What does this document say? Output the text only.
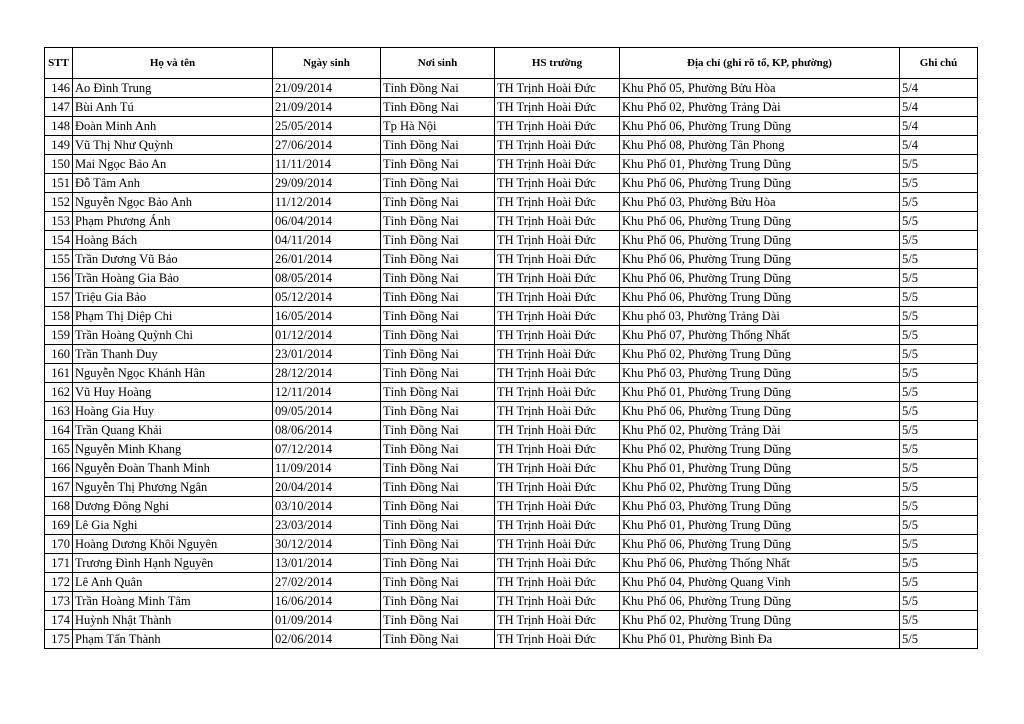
STT	Họ và tên	Ngày sinh	Nơi sinh	HS trường	Địa chỉ (ghi rõ tổ, KP, phường)	Ghi chú
146	Ao Đình Trung	21/09/2014	Tỉnh Đồng Nai	TH Trịnh Hoài Đức	Khu Phố 05, Phường Bửu Hòa	5/4
147	Bùi Anh Tú	21/09/2014	Tỉnh Đồng Nai	TH Trịnh Hoài Đức	Khu Phố 02, Phường Trảng Dài	5/4
148	Đoàn Minh Anh	25/05/2014	Tp Hà Nội	TH Trịnh Hoài Đức	Khu Phố 06, Phường Trung Dũng	5/4
149	Vũ Thị Như Quỳnh	27/06/2014	Tỉnh Đồng Nai	TH Trịnh Hoài Đức	Khu Phố 08, Phường Tân Phong	5/4
150	Mai Ngọc Bảo An	11/11/2014	Tỉnh Đồng Nai	TH Trịnh Hoài Đức	Khu Phố 01, Phường Trung Dũng	5/5
151	Đỗ Tâm Anh	29/09/2014	Tỉnh Đồng Nai	TH Trịnh Hoài Đức	Khu Phố 06, Phường Trung Dũng	5/5
152	Nguyễn Ngọc Bảo Anh	11/12/2014	Tỉnh Đồng Nai	TH Trịnh Hoài Đức	Khu Phố 03, Phường Bửu Hòa	5/5
153	Phạm Phương Ánh	06/04/2014	Tỉnh Đồng Nai	TH Trịnh Hoài Đức	Khu Phố 06, Phường Trung Dũng	5/5
154	Hoàng Bách	04/11/2014	Tỉnh Đồng Nai	TH Trịnh Hoài Đức	Khu Phố 06, Phường Trung Dũng	5/5
155	Trần Dương Vũ Bảo	26/01/2014	Tỉnh Đồng Nai	TH Trịnh Hoài Đức	Khu Phố 06, Phường Trung Dũng	5/5
156	Trần Hoàng Gia Bảo	08/05/2014	Tỉnh Đồng Nai	TH Trịnh Hoài Đức	Khu Phố 06, Phường Trung Dũng	5/5
157	Triệu Gia Bảo	05/12/2014	Tỉnh Đồng Nai	TH Trịnh Hoài Đức	Khu Phố 06, Phường Trung Dũng	5/5
158	Phạm Thị Diệp Chi	16/05/2014	Tỉnh Đồng Nai	TH Trịnh Hoài Đức	Khu phố 03, Phường Trảng Dài	5/5
159	Trần Hoàng Quỳnh Chi	01/12/2014	Tỉnh Đồng Nai	TH Trịnh Hoài Đức	Khu Phố 07, Phường Thống Nhất	5/5
160	Trần Thanh Duy	23/01/2014	Tỉnh Đồng Nai	TH Trịnh Hoài Đức	Khu Phố 02, Phường Trung Dũng	5/5
161	Nguyễn Ngọc Khánh Hân	28/12/2014	Tỉnh Đồng Nai	TH Trịnh Hoài Đức	Khu Phố 03, Phường Trung Dũng	5/5
162	Vũ Huy Hoàng	12/11/2014	Tỉnh Đồng Nai	TH Trịnh Hoài Đức	Khu Phố 01, Phường Trung Dũng	5/5
163	Hoàng Gia Huy	09/05/2014	Tỉnh Đồng Nai	TH Trịnh Hoài Đức	Khu Phố 06, Phường Trung Dũng	5/5
164	Trần Quang Khải	08/06/2014	Tỉnh Đồng Nai	TH Trịnh Hoài Đức	Khu Phố 02, Phường Trảng Dài	5/5
165	Nguyễn Minh Khang	07/12/2014	Tỉnh Đồng Nai	TH Trịnh Hoài Đức	Khu Phố 02, Phường Trung Dũng	5/5
166	Nguyễn Đoàn Thanh Minh	11/09/2014	Tỉnh Đồng Nai	TH Trịnh Hoài Đức	Khu Phố 01, Phường Trung Dũng	5/5
167	Nguyễn Thị Phương Ngân	20/04/2014	Tỉnh Đồng Nai	TH Trịnh Hoài Đức	Khu Phố 02, Phường Trung Dũng	5/5
168	Dương Đông Nghi	03/10/2014	Tỉnh Đồng Nai	TH Trịnh Hoài Đức	Khu Phố 03, Phường Trung Dũng	5/5
169	Lê Gia Nghi	23/03/2014	Tỉnh Đồng Nai	TH Trịnh Hoài Đức	Khu Phố 01, Phường Trung Dũng	5/5
170	Hoàng Dương Khôi Nguyên	30/12/2014	Tỉnh Đồng Nai	TH Trịnh Hoài Đức	Khu Phố 06, Phường Trung Dũng	5/5
171	Trương Đình Hạnh Nguyên	13/01/2014	Tỉnh Đồng Nai	TH Trịnh Hoài Đức	Khu Phố 06, Phường Thống Nhất	5/5
172	Lê Anh Quân	27/02/2014	Tỉnh Đồng Nai	TH Trịnh Hoài Đức	Khu Phố 04, Phường Quang Vinh	5/5
173	Trần Hoàng Minh Tâm	16/06/2014	Tỉnh Đồng Nai	TH Trịnh Hoài Đức	Khu Phố 06, Phường Trung Dũng	5/5
174	Huỳnh Nhật Thành	01/09/2014	Tỉnh Đồng Nai	TH Trịnh Hoài Đức	Khu Phố 02, Phường Trung Dũng	5/5
175	Phạm Tấn Thành	02/06/2014	Tỉnh Đồng Nai	TH Trịnh Hoài Đức	Khu Phố 01, Phường Bình Đa	5/5
